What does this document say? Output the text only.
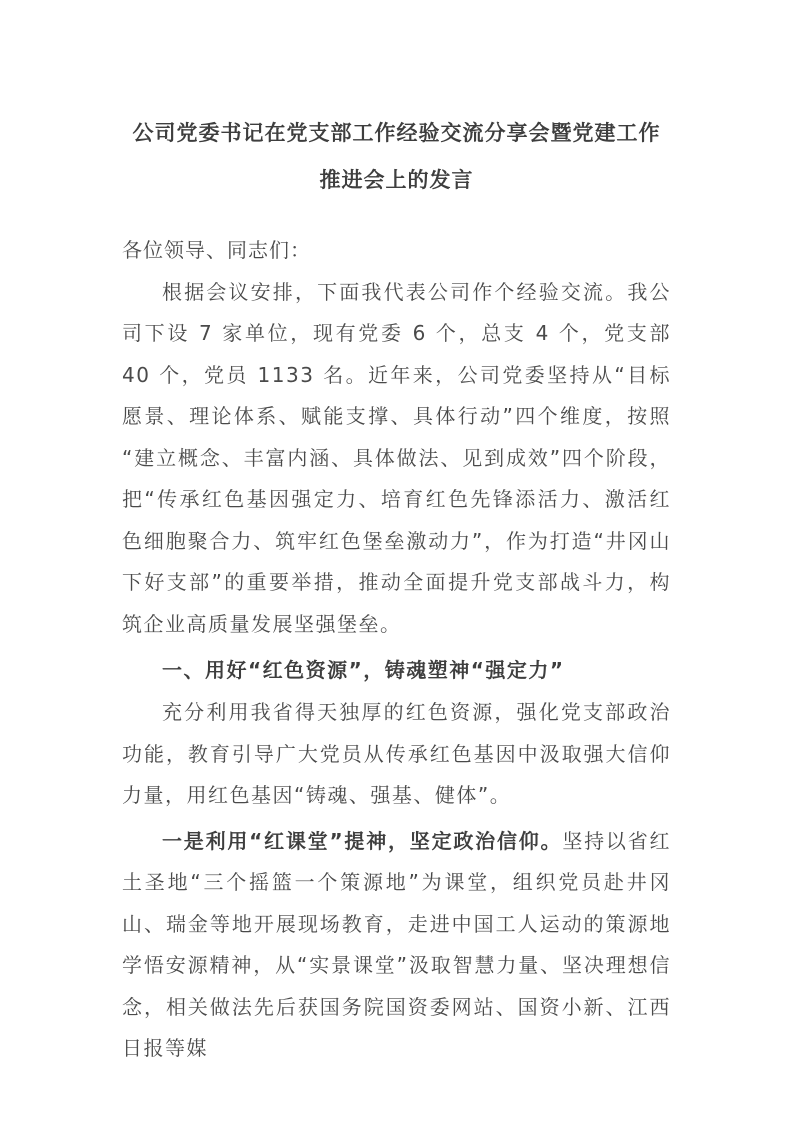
公司党委书记在党支部工作经验交流分享会暨党建工作推进会上的发言

各位领导、同志们：

根据会议安排，下面我代表公司作个经验交流。我公司下设 7 家单位，现有党委 6 个，总支 4 个，党支部 40 个，党员 1133 名。近年来，公司党委坚持从“目标愿景、理论体系、赋能支撑、具体行动”四个维度，按照“建立概念、丰富内涵、具体做法、见到成效”四个阶段，把“传承红色基因强定力、培育红色先锋添活力、激活红色细胞聚合力、筑牢红色堡垒激动力”，作为打造“井冈山下好支部”的重要举措，推动全面提升党支部战斗力，构筑企业高质量发展坚强堡垒。

一、用好“红色资源”，铸魂塑神“强定力”

充分利用我省得天独厚的红色资源，强化党支部政治功能，教育引导广大党员从传承红色基因中汲取强大信仰力量，用红色基因“铸魂、强基、健体”。

一是利用“红课堂”提神，坚定政治信仰。坚持以省红土圣地“三个摇篮一个策源地”为课堂，组织党员赴井冈山、瑞金等地开展现场教育，走进中国工人运动的策源地学悟安源精神，从“实景课堂”汲取智慧力量、坚决理想信念，相关做法先后获国务院国资委网站、国资小新、江西日报等媒
